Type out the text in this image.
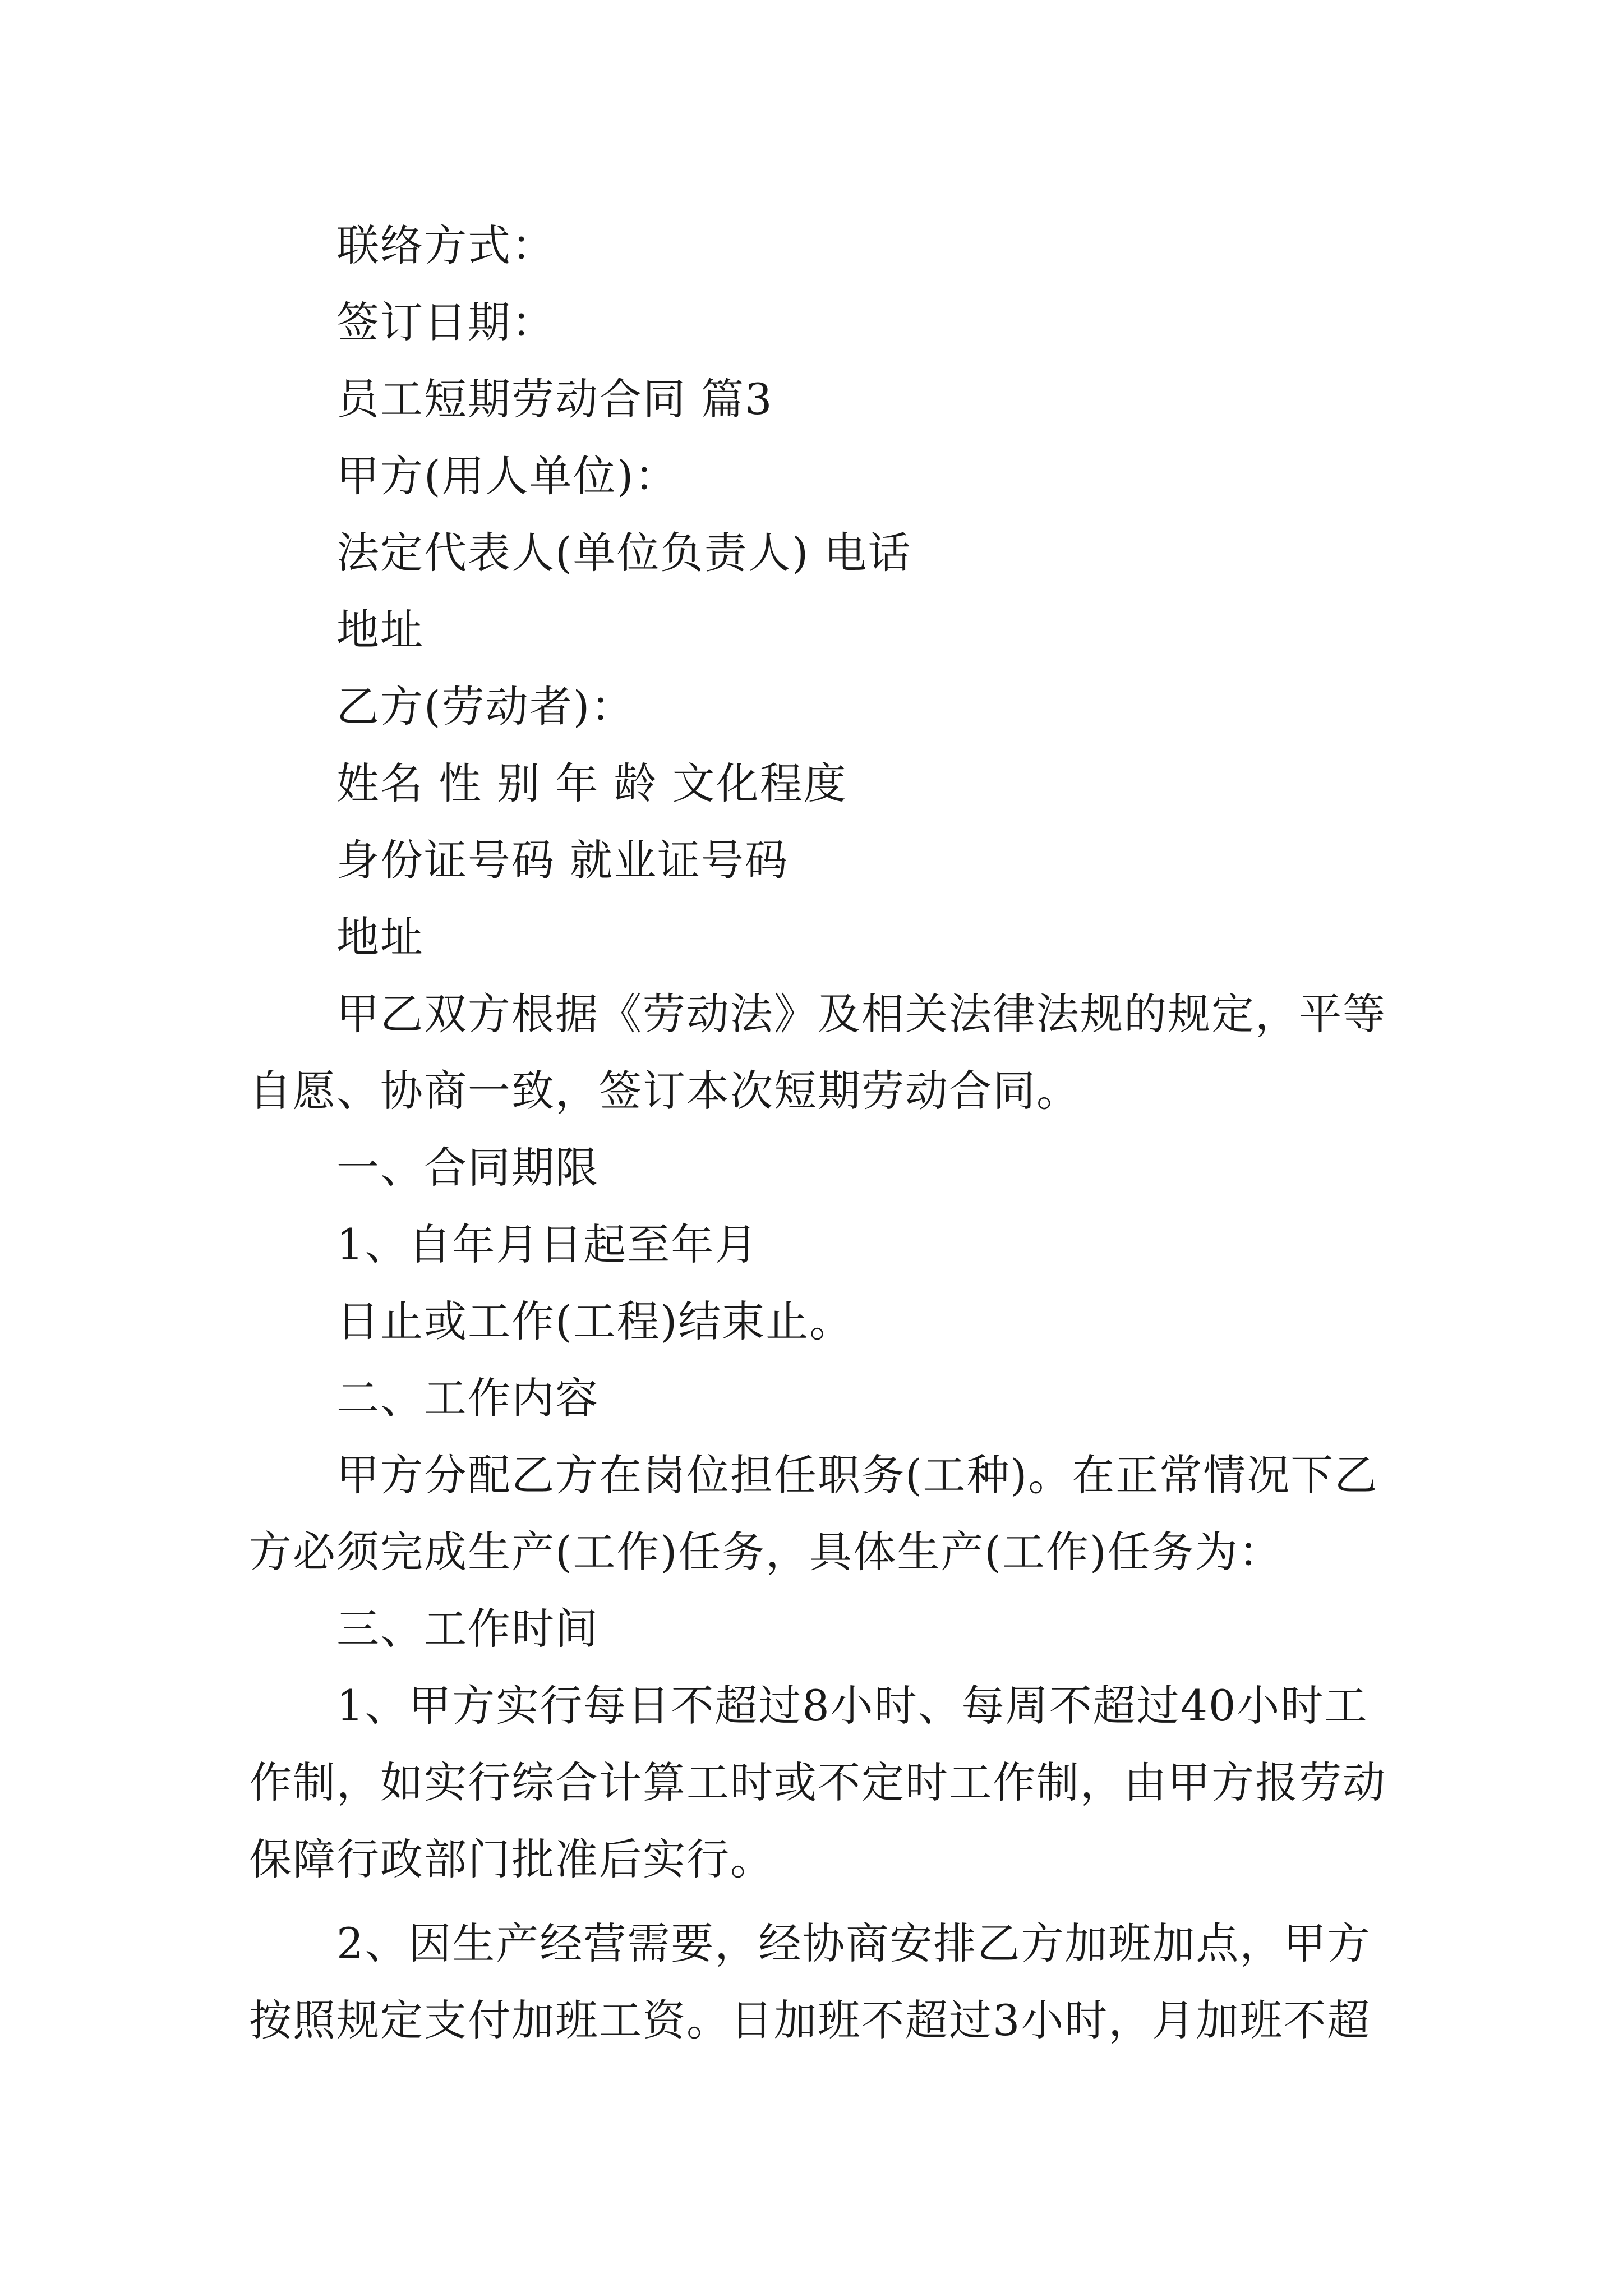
联络方式：
签订日期：
员工短期劳动合同 篇3
甲方(用人单位)：
法定代表人(单位负责人) 电话
地址
乙方(劳动者)：
姓名 性 别 年 龄 文化程度
身份证号码 就业证号码
地址
甲乙双方根据《劳动法》及相关法律法规的规定，平等
自愿、协商一致，签订本次短期劳动合同。
一、合同期限
1、自年月日起至年月
日止或工作(工程)结束止。
二、工作内容
甲方分配乙方在岗位担任职务(工种)。在正常情况下乙
方必须完成生产(工作)任务，具体生产(工作)任务为：
三、工作时间
1、甲方实行每日不超过8小时、每周不超过40小时工
作制，如实行综合计算工时或不定时工作制，由甲方报劳动
保障行政部门批准后实行。
2、因生产经营需要，经协商安排乙方加班加点，甲方
按照规定支付加班工资。日加班不超过3小时，月加班不超
